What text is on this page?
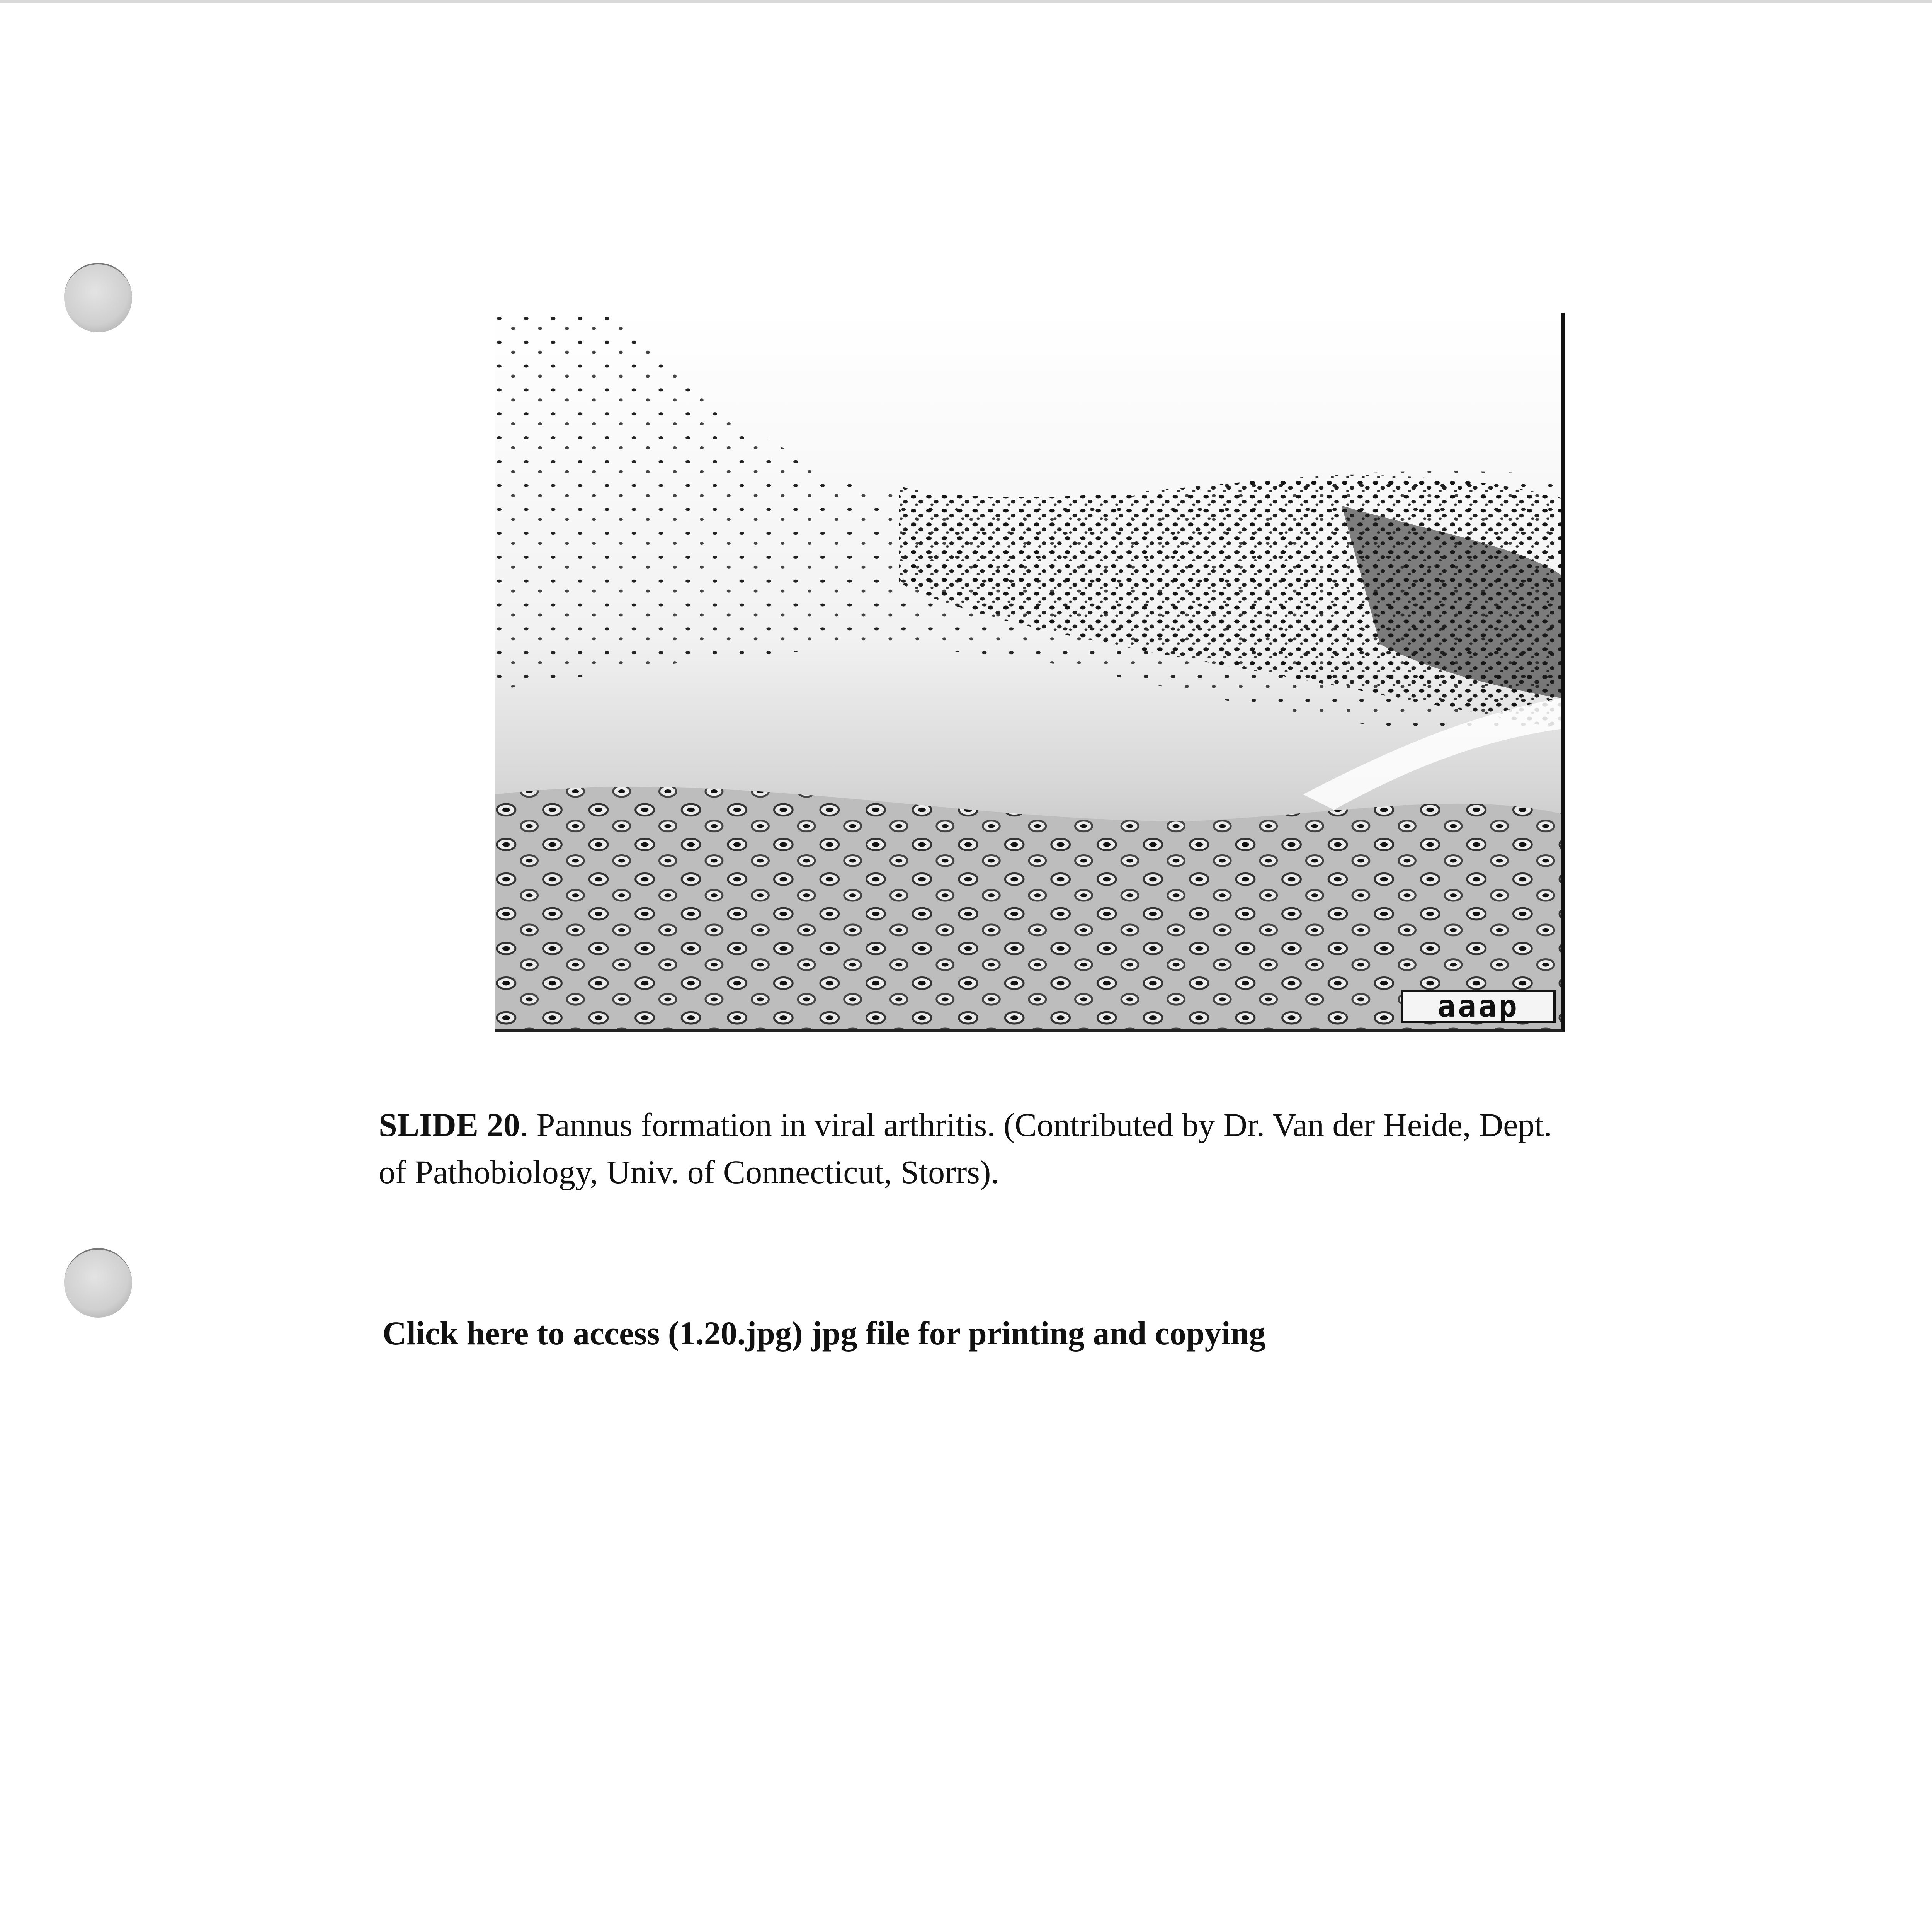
aaap
SLIDE 20. Pannus formation in viral arthritis. (Contributed by Dr. Van der Heide, Dept.
of Pathobiology, Univ. of Connecticut, Storrs).
Click here to access (1.20.jpg) jpg file for printing and copying
